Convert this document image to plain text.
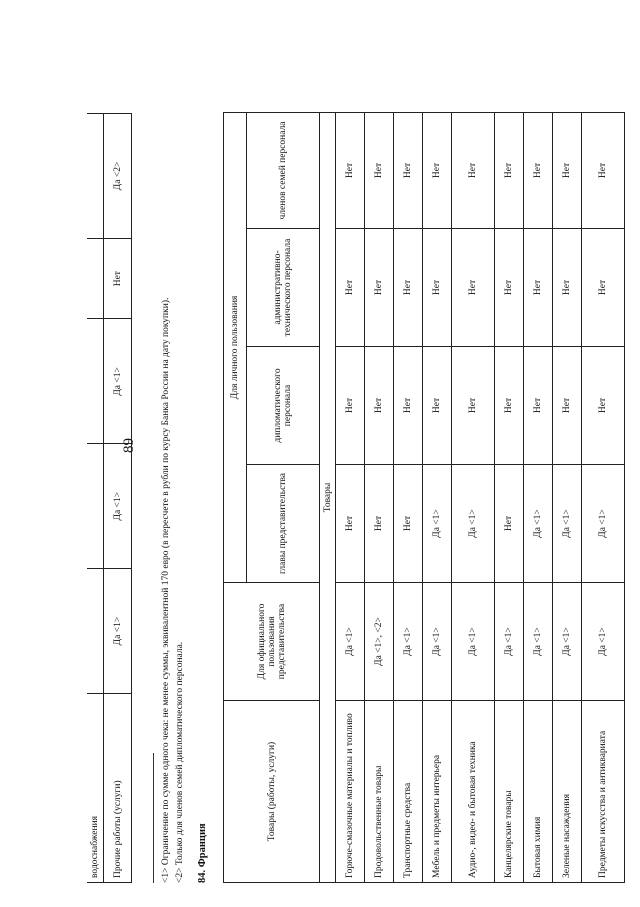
89
водоснабжения					
Прочие работы (услуги)	Да <1>	Да <1>	Да <1>	Нет	Да <2>
<1> Ограничение по сумме одного чека: не менее суммы, эквивалентной 170 евро (в пересчете в рубли по курсу Банка России на дату покупки). <2> Только для членов семей дипломатического персонала. 84. Франция
Товары (работы, услуги)	Для официального пользования представительства	Для личного пользования			
		главы представительства	дипломатического персонала	административно-технического персонала	членов семей персонала
Товары					
Горюче-смазочные материалы и топливо	Да <1>	Нет	Нет	Нет	Нет
Продовольственные товары	Да <1>, <2>	Нет	Нет	Нет	Нет
Транспортные средства	Да <1>	Нет	Нет	Нет	Нет
Мебель и предметы интерьера	Да <1>	Да <1>	Нет	Нет	Нет
Аудио-, видео- и бытовая техника	Да <1>	Да <1>	Нет	Нет	Нет
Канцелярские товары	Да <1>	Нет	Нет	Нет	Нет
Бытовая химия	Да <1>	Да <1>	Нет	Нет	Нет
Зеленые насаждения	Да <1>	Да <1>	Нет	Нет	Нет
Предметы искусства и антиквариата	Да <1>	Да <1>	Нет	Нет	Нет
